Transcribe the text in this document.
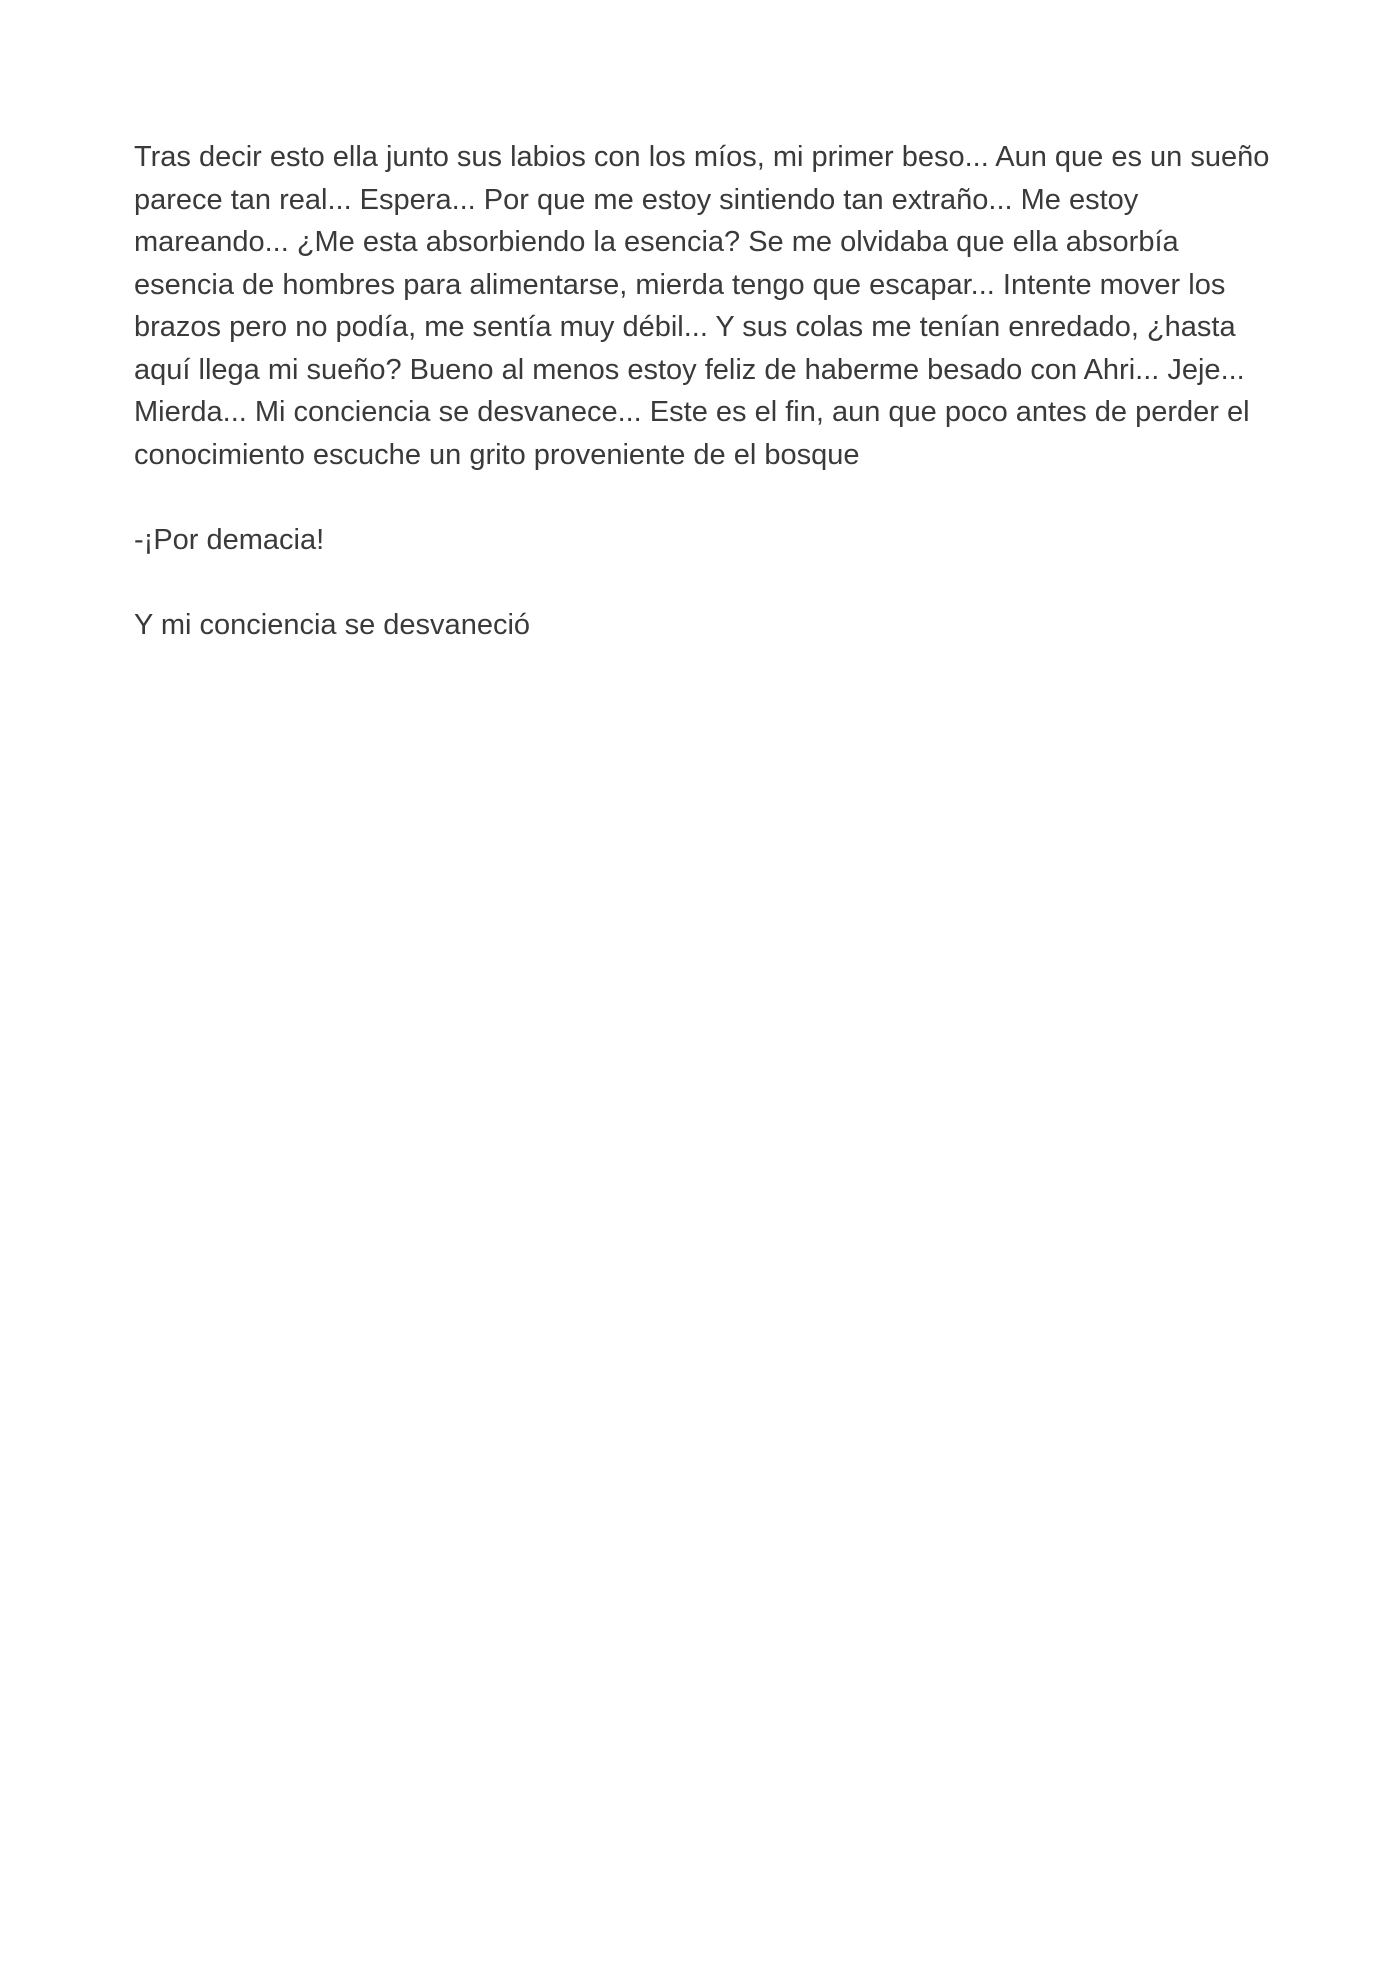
Tras decir esto ella junto sus labios con los míos, mi primer beso... Aun que es un sueño parece tan real... Espera... Por que me estoy sintiendo tan extraño... Me estoy mareando... ¿Me esta absorbiendo la esencia? Se me olvidaba que ella absorbía esencia de hombres para alimentarse, mierda tengo que escapar... Intente mover los brazos pero no podía, me sentía muy débil... Y sus colas me tenían enredado, ¿hasta aquí llega mi sueño? Bueno al menos estoy feliz de haberme besado con Ahri... Jeje... Mierda... Mi conciencia se desvanece... Este es el fin, aun que poco antes de perder el conocimiento escuche un grito proveniente de el bosque

-¡Por demacia!

Y mi conciencia se desvaneció
